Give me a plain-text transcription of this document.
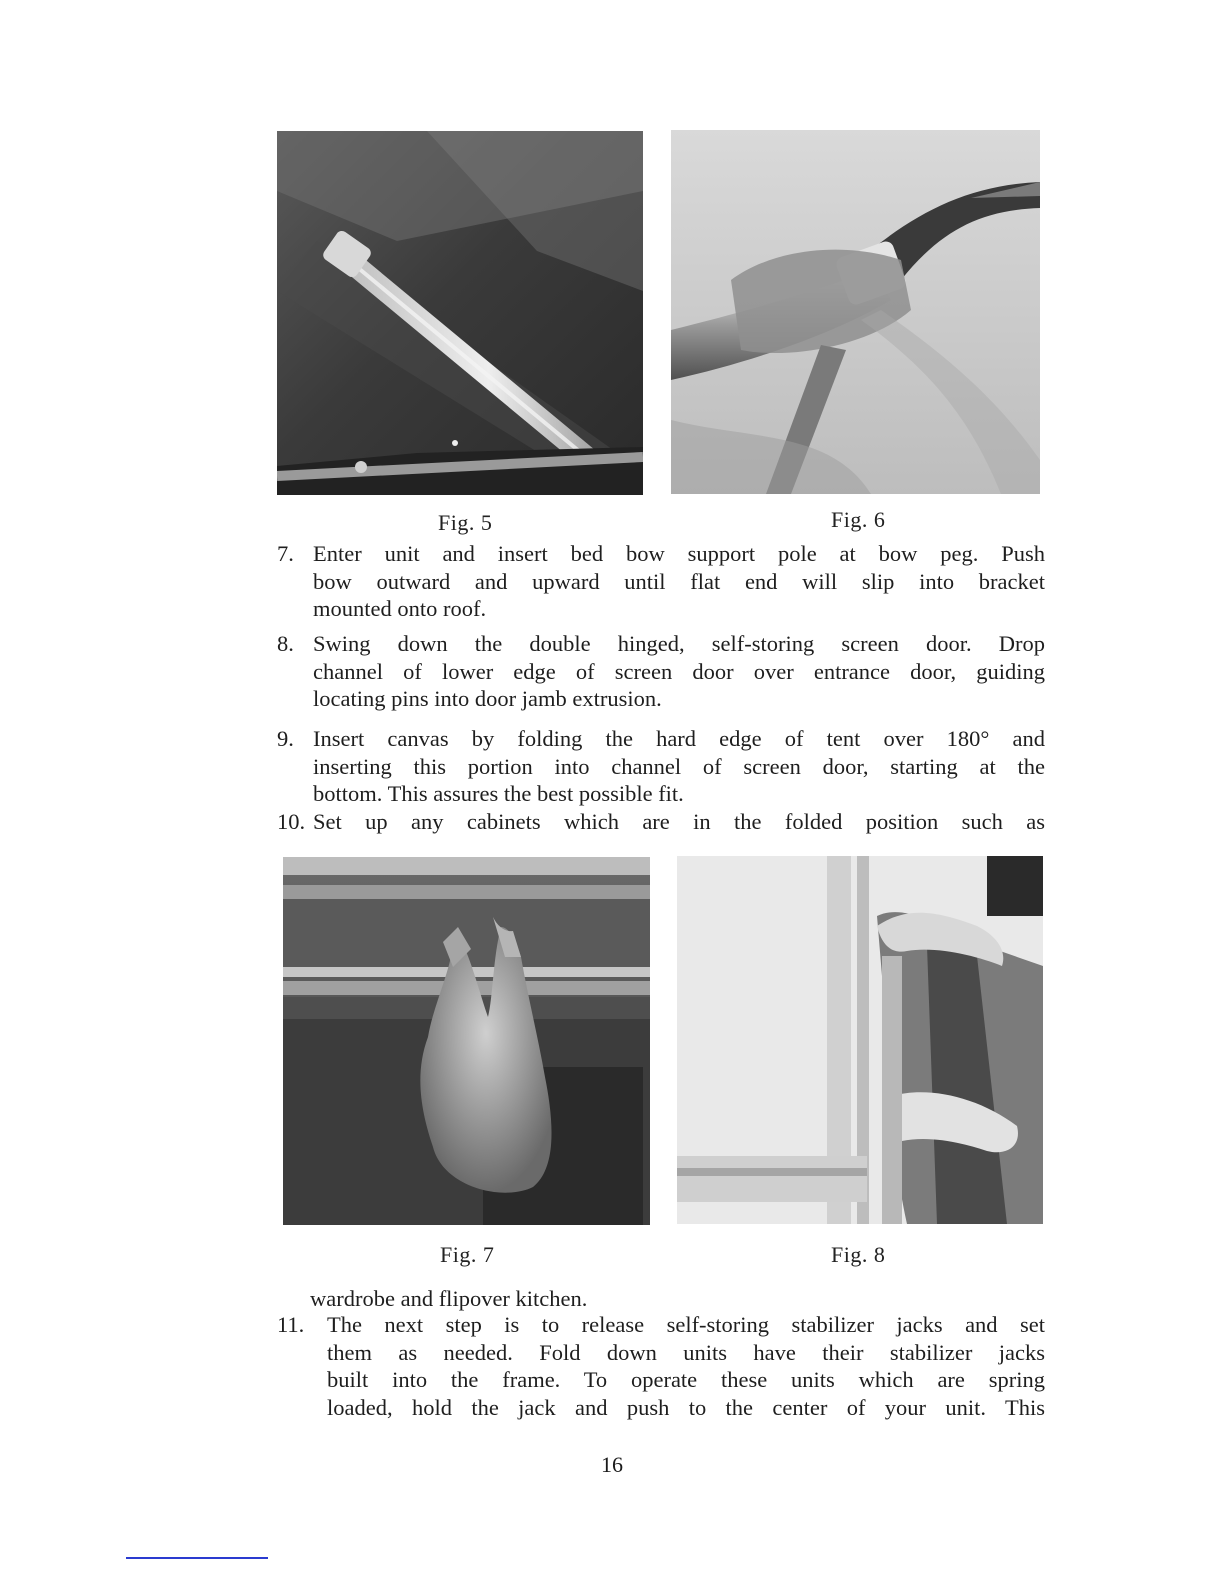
Fig. 5	Fig. 6
7. Enter unit and insert bed bow support pole at bow peg. Push
bow outward and upward until flat end will slip into bracket
mounted onto roof.
8. Swing down the double hinged, self-storing screen door. Drop
channel of lower edge of screen door over entrance door, guiding
locating pins into door jamb extrusion.
9. Insert canvas by folding the hard edge of tent over 180° and
inserting this portion into channel of screen door, starting at the
bottom. This assures the best possible fit.
10. Set up any cabinets which are in the folded position such as
Fig. 7	Fig. 8
wardrobe and flipover kitchen.
11. The next step is to release self-storing stabilizer jacks and set
them as needed. Fold down units have their stabilizer jacks
built into the frame. To operate these units which are spring
loaded, hold the jack and push to the center of your unit. This
16
